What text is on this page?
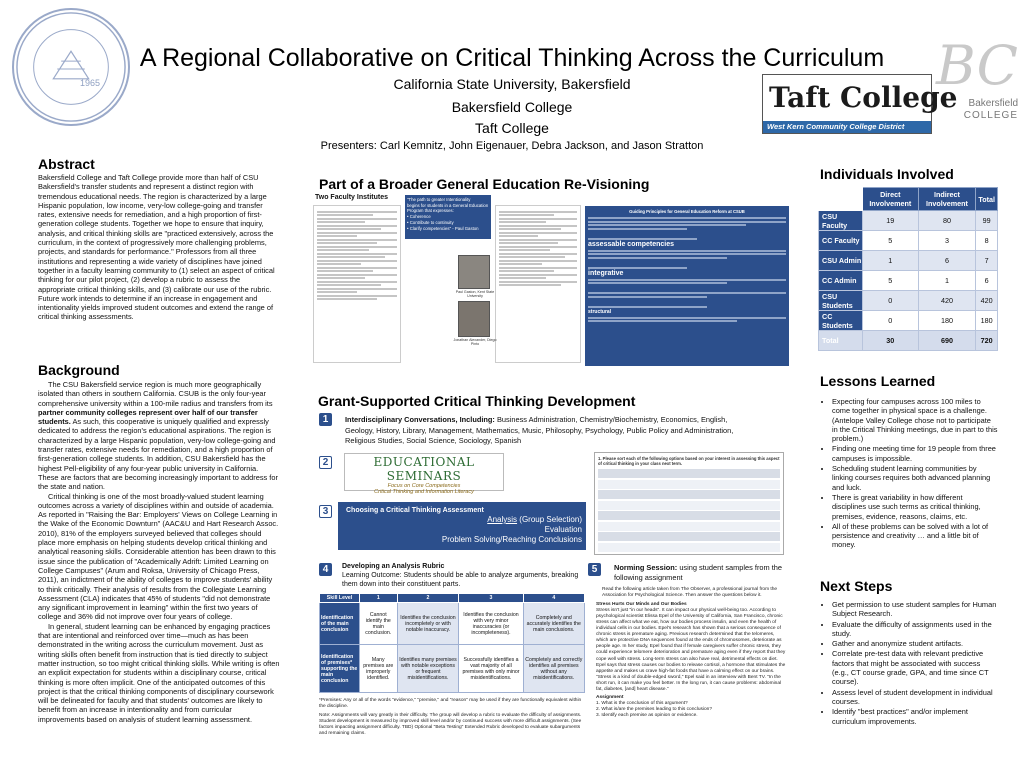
1965
A Regional Collaborative on Critical Thinking Across the Curriculum
California State University, Bakersfield
Bakersfield College
Taft College
Presenters: Carl Kemnitz, John Eigenauer, Debra Jackson, and Jason Stratton
Taft College
West Kern Community College District
BC
Bakersfield
COLLEGE
Abstract
Bakersfield College and Taft College provide more than half of CSU Bakersfield's transfer students and represent a distinct region with tremendous educational needs. The region is characterized by a large Hispanic population, low income, very-low college-going and transfer rates, extensive needs for remediation, and a high proportion of first-generation college students. Together we hope to ensure that inquiry, analysis, and critical thinking skills are "practiced extensively, across the curriculum, in the context of progressively more challenging problems, projects, and standards for performance." Professors from all three institutions and representing a wide variety of disciplines have joined together in a faculty learning community to (1) select an aspect of critical thinking for our pilot project, (2) develop a rubric to assess the appropriate critical thinking skills, and (3) calibrate our use of the rubric. Future work intends to determine if an increase in engagement and intentionality yields improved student outcomes and extend the range of critical thinking assessments.
Background
The CSU Bakersfield service region is much more geographically isolated than others in southern California. CSUB is the only four-year comprehensive university within a 100-mile radius and transfers from its partner community colleges represent over half of our transfer students. As such, this cooperative is uniquely qualified and expressly dedicated to address the region's educational aspirations. The region is characterized by a large Hispanic population, very-low college-going and transfer rates, extensive needs for remediation, and a high proportion of first-generation college students. In addition, CSU Bakersfield has the highest Pell-eligibility of any four-year public university in California. These are factors that are becoming increasingly important to address for the state and nation.
Critical thinking is one of the most broadly-valued student learning outcomes across a variety of disciplines within and outside of academia. As reported in "Raising the Bar: Employers' Views on College Learning in the Wake of the Economic Downturn" (AAC&U and Hart Research Assoc. 2010), 81% of the employers surveyed believed that colleges should place more emphasis on helping students develop critical thinking and analytical reasoning skills. Considerable attention has been drawn to this issue since the publication of "Academically Adrift: Limited Learning on College Campuses" (Arum and Roksa, University of Chicago Press, 2011), an indictment of the ability of colleges to improve students' ability to think critically. Their analysis of results from the Collegiate Learning Assessment (CLA) indicates that 45% of students "did not demonstrate any significant improvement in learning" within the first two years of college and 36% did not improve over four years of college.
In general, student learning can be enhanced by engaging practices that are intentional and reinforced over time—much as has been demonstrated in the writing across the curriculum movement. Just as writing skills often benefit from instruction that is tied directly to subject matter instruction, so too might critical thinking skills. While writing is often an explicit expectation for students within a disciplinary course, critical thinking is more often implicit. One of the anticipated outcomes of this project is that the critical thinking components of disciplinary coursework will be delineated for faculty and that students' outcomes are likely to benefit from an increase in intentionality and from curricular improvements based on analysis of student learning assessment.
Part of a Broader General Education Re-Visioning
Two Faculty Institutes	"The path to greater Intentionality
begins for students in a General Education
Program that expresses:
• Coherence
• Contribute to continuity
• Clarify competencies" - Paul Gaston
Paul Gaston, Kent State University
Jonathan Alexander, Diego Pinto
Guiding Principles for General Education Reform at CSUB
assessable competencies
integrative
structural
Grant-Supported Critical Thinking Development
1	Interdisciplinary Conversations, Including: Business Administration, Chemistry/Biochemistry, Economics, English, Geology, History, Library, Management, Mathematics, Music, Philosophy, Psychology, Public Policy and Administration, Religious Studies, Social Science, Sociology, Spanish
2	EDUCATIONAL SEMINARS
Focus on Core Competencies
Critical Thinking and Information Literacy
1. Please sort each of the following options based on your interest in assessing this aspect of critical thinking in your class next term.
3	Choosing a Critical Thinking Assessment
Analysis (Group Selection)
Evaluation
Problem Solving/Reaching Conclusions
4	Developing an Analysis Rubric
Learning Outcome: Students should be able to analyze arguments, breaking them down into their constituent parts.
5	Norming Session: using student samples from the following assignment
Skill Level	1	2	3	4
Identification of the main conclusion	Cannot identify the main conclusion.	Identifies the conclusion incompletely or with notable inaccuracy.	Identifies the conclusion with very minor inaccuracies (or incompleteness).	Completely and accurately identifies the main conclusions.
Identification of premises* supporting the main conclusion	Many premises are improperly identified.	Identifies many premises with notable exceptions or frequent misidentifications.	Successfully identifies a vast majority of all premises with only minor misidentifications.	Completely and correctly identifies all premises without any misidentifications.
*Premises: Any or all of the words "evidence," "premise," and "reason" may be used if they are functionally equivalent within the discipline.
Note: Assignments will vary greatly in their difficulty. The group will develop a rubric to evaluate the difficulty of assignments. Student development is measured by improved skill level and/or by continued success with more difficult assignments. (See factors impacting assignment difficulty. TBD) Optional "Beta Testing" Extended Rubric developed to evaluate subarguments and remaining claims.
Read the following article taken from The Observer, a professional journal from the Association for Psychological Science. Then answer the questions below it.
Stress Hurts Our Minds and Our Bodies
Stress isn't just "in our heads". It can impact our physical well-being too. According to psychological scientist Elissa Epel of the University of California, San Francisco, chronic stress can affect what we eat, how our bodies process insulin, and even the health of individual cells in our bodies. Epel's research has shown that a serious consequence of chronic stress is premature aging. Previous research determined that the telomeres, which are protective DNA sequences found at the ends of chromosomes, deteriorate as people age. In her study, Epel found that if female caregivers suffer chronic stress, they could experience telomere deterioration and premature aging even if they report that they cope well with stress. Long-term stress can also have real, detrimental effects on diet. Epel says that stress causes our bodies to release cortisol, a hormone that stimulates the appetite and makes us crave high-fat foods that have a calming effect on our brains. "Stress is a kind of double-edged sword," Epel said in an interview with Bent TV. "In the short run, it can make you feel better. In the long run, it can cause problems: abdominal fat, diabetes, [and] heart disease."
Assignment
1. What is the conclusion of this argument?
2. What is/are the premises leading to this conclusion?
3. Identify each premise as opinion or evidence.
Individuals Involved
	Direct Involvement	Indirect Involvement	Total
CSU Faculty	19	80	99
CC Faculty	5	3	8
CSU Admin	1	6	7
CC Admin	5	1	6
CSU Students	0	420	420
CC Students	0	180	180
Total	30	690	720
Lessons Learned
• Expecting four campuses across 100 miles to come together in physical space is a challenge. (Antelope Valley College chose not to participate in the Critical Thinking meetings, due in part to this problem.)
• Finding one meeting time for 19 people from three campuses is impossible.
• Scheduling student learning communities by linking courses requires both advanced planning and luck.
• There is great variability in how different disciplines use such terms as critical thinking, premises, evidence, reasons, claims, etc.
• All of these problems can be solved with a lot of persistence and creativity … and a little bit of money.
Next Steps
• Get permission to use student samples for Human Subject Research.
• Evaluate the difficulty of assignments used in the study.
• Gather and anonymize student artifacts.
• Correlate pre-test data with relevant predictive factors that might be associated with success (e.g., CT course grade, GPA, and time since CT course).
• Assess level of student development in individual courses.
• Identify "best practices" and/or implement curriculum improvements.
